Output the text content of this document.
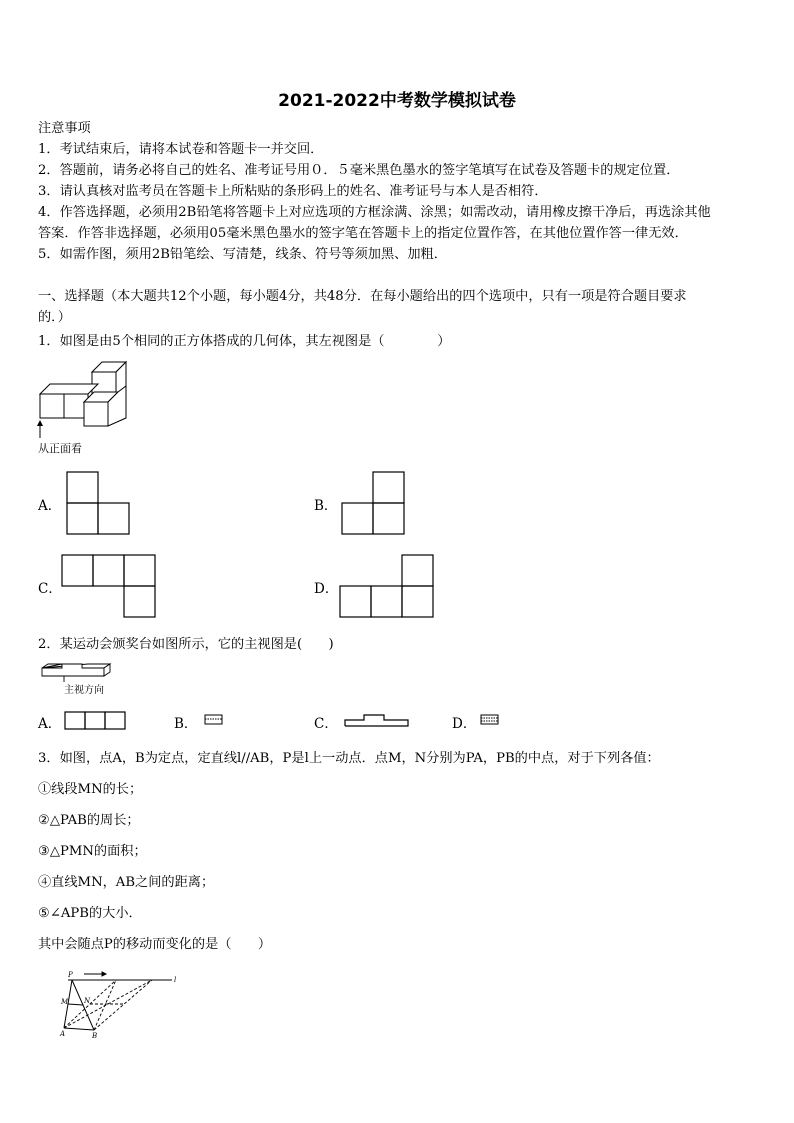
2021-2022中考数学模拟试卷
注意事项
1．考试结束后，请将本试卷和答题卡一并交回．
2．答题前，请务必将自己的姓名、准考证号用０．５毫米黑色墨水的签字笔填写在试卷及答题卡的规定位置．
3．请认真核对监考员在答题卡上所粘贴的条形码上的姓名、准考证号与本人是否相符．
4．作答选择题，必须用2B铅笔将答题卡上对应选项的方框涂满、涂黑；如需改动，请用橡皮擦干净后，再选涂其他
答案．作答非选择题，必须用05毫米黑色墨水的签字笔在答题卡上的指定位置作答，在其他位置作答一律无效．
5．如需作图，须用2B铅笔绘、写清楚，线条、符号等须加黑、加粗．
一、选择题（本大题共12个小题，每小题4分，共48分．在每小题给出的四个选项中，只有一项是符合题目要求
的．）
1．如图是由5个相同的正方体搭成的几何体，其左视图是（　　　　）
从正面看
A．	B．
C．	D．
2．某运动会颁奖台如图所示，它的主视图是(　　)
主视方向
A．	B．	C．	D．
3．如图，点A，B为定点，定直线l//AB，P是l上一动点．点M，N分别为PA，PB的中点，对于下列各值：
①线段MN的长；
②△PAB的周长；
③△PMN的面积；
④直线MN，AB之间的距离；
⑤∠APB的大小．
其中会随点P的移动而变化的是（　　）
P
M N
A	B
l
